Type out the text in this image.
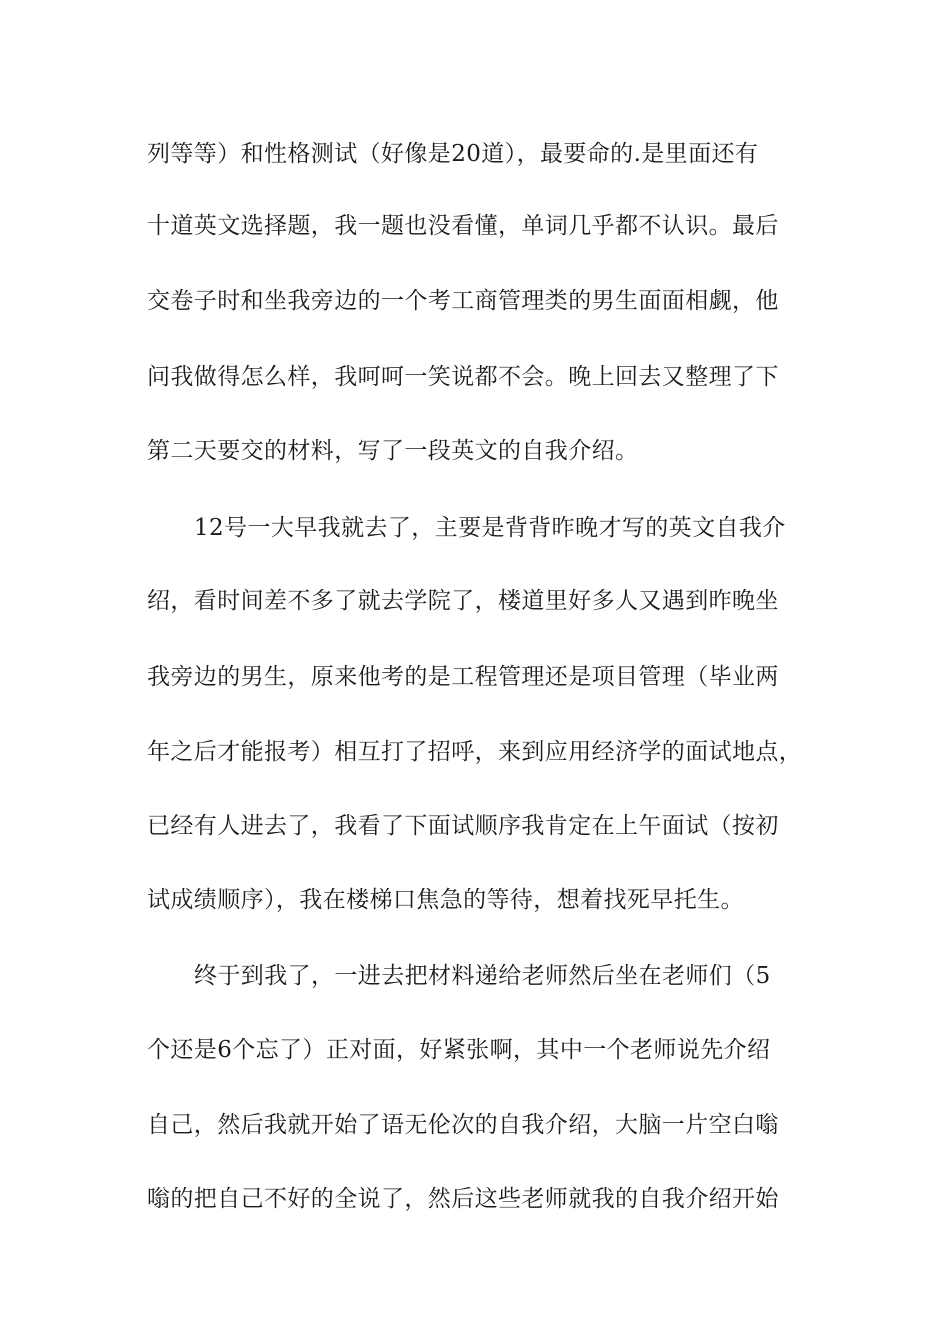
列等等）和性格测试（好像是20道），最要命的.是里面还有
十道英文选择题，我一题也没看懂，单词几乎都不认识。最后
交卷子时和坐我旁边的一个考工商管理类的男生面面相觑，他
问我做得怎么样，我呵呵一笑说都不会。晚上回去又整理了下
第二天要交的材料，写了一段英文的自我介绍。
12号一大早我就去了，主要是背背昨晚才写的英文自我介
绍，看时间差不多了就去学院了，楼道里好多人又遇到昨晚坐
我旁边的男生，原来他考的是工程管理还是项目管理（毕业两
年之后才能报考）相互打了招呼，来到应用经济学的面试地点，
已经有人进去了，我看了下面试顺序我肯定在上午面试（按初
试成绩顺序），我在楼梯口焦急的等待，想着找死早托生。
终于到我了，一进去把材料递给老师然后坐在老师们（5
个还是6个忘了）正对面，好紧张啊，其中一个老师说先介绍
自己，然后我就开始了语无伦次的自我介绍，大脑一片空白嗡
嗡的把自己不好的全说了，然后这些老师就我的自我介绍开始
